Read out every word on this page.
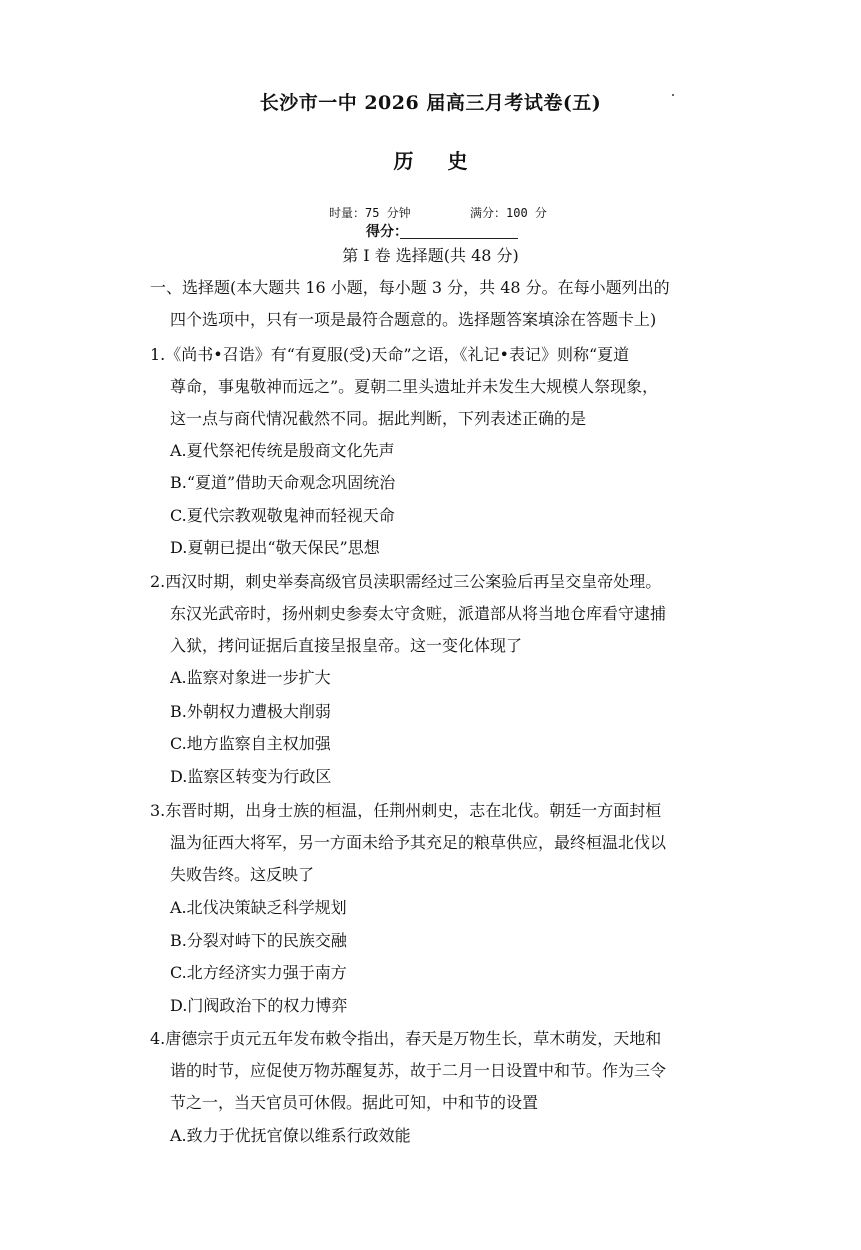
长沙市一中 2026 届高三月考试卷(五)
历史
时量：75 分钟	满分：100 分
得分：
第 Ⅰ 卷 选择题(共 48 分)
一、选择题(本大题共 16 小题，每小题 3 分，共 48 分。在每小题列出的
四个选项中，只有一项是最符合题意的。选择题答案填涂在答题卡上)
1.《尚书•召诰》有“有夏服(受)天命”之语，《礼记•表记》则称“夏道
尊命，事鬼敬神而远之”。夏朝二里头遗址并未发生大规模人祭现象，
这一点与商代情况截然不同。据此判断，下列表述正确的是
A.夏代祭祀传统是殷商文化先声
B.“夏道”借助天命观念巩固统治
C.夏代宗教观敬鬼神而轻视天命
D.夏朝已提出“敬天保民”思想
2.西汉时期，刺史举奏高级官员渎职需经过三公案验后再呈交皇帝处理。
东汉光武帝时，扬州刺史参奏太守贪赃，派遣部从将当地仓库看守逮捕
入狱，拷问证据后直接呈报皇帝。这一变化体现了
A.监察对象进一步扩大
B.外朝权力遭极大削弱
C.地方监察自主权加强
D.监察区转变为行政区
3.东晋时期，出身士族的桓温，任荆州刺史，志在北伐。朝廷一方面封桓
温为征西大将军，另一方面未给予其充足的粮草供应，最终桓温北伐以
失败告终。这反映了
A.北伐决策缺乏科学规划
B.分裂对峙下的民族交融
C.北方经济实力强于南方
D.门阀政治下的权力博弈
4.唐德宗于贞元五年发布敕令指出，春天是万物生长，草木萌发，天地和
谐的时节，应促使万物苏醒复苏，故于二月一日设置中和节。作为三令
节之一，当天官员可休假。据此可知，中和节的设置
A.致力于优抚官僚以维系行政效能
